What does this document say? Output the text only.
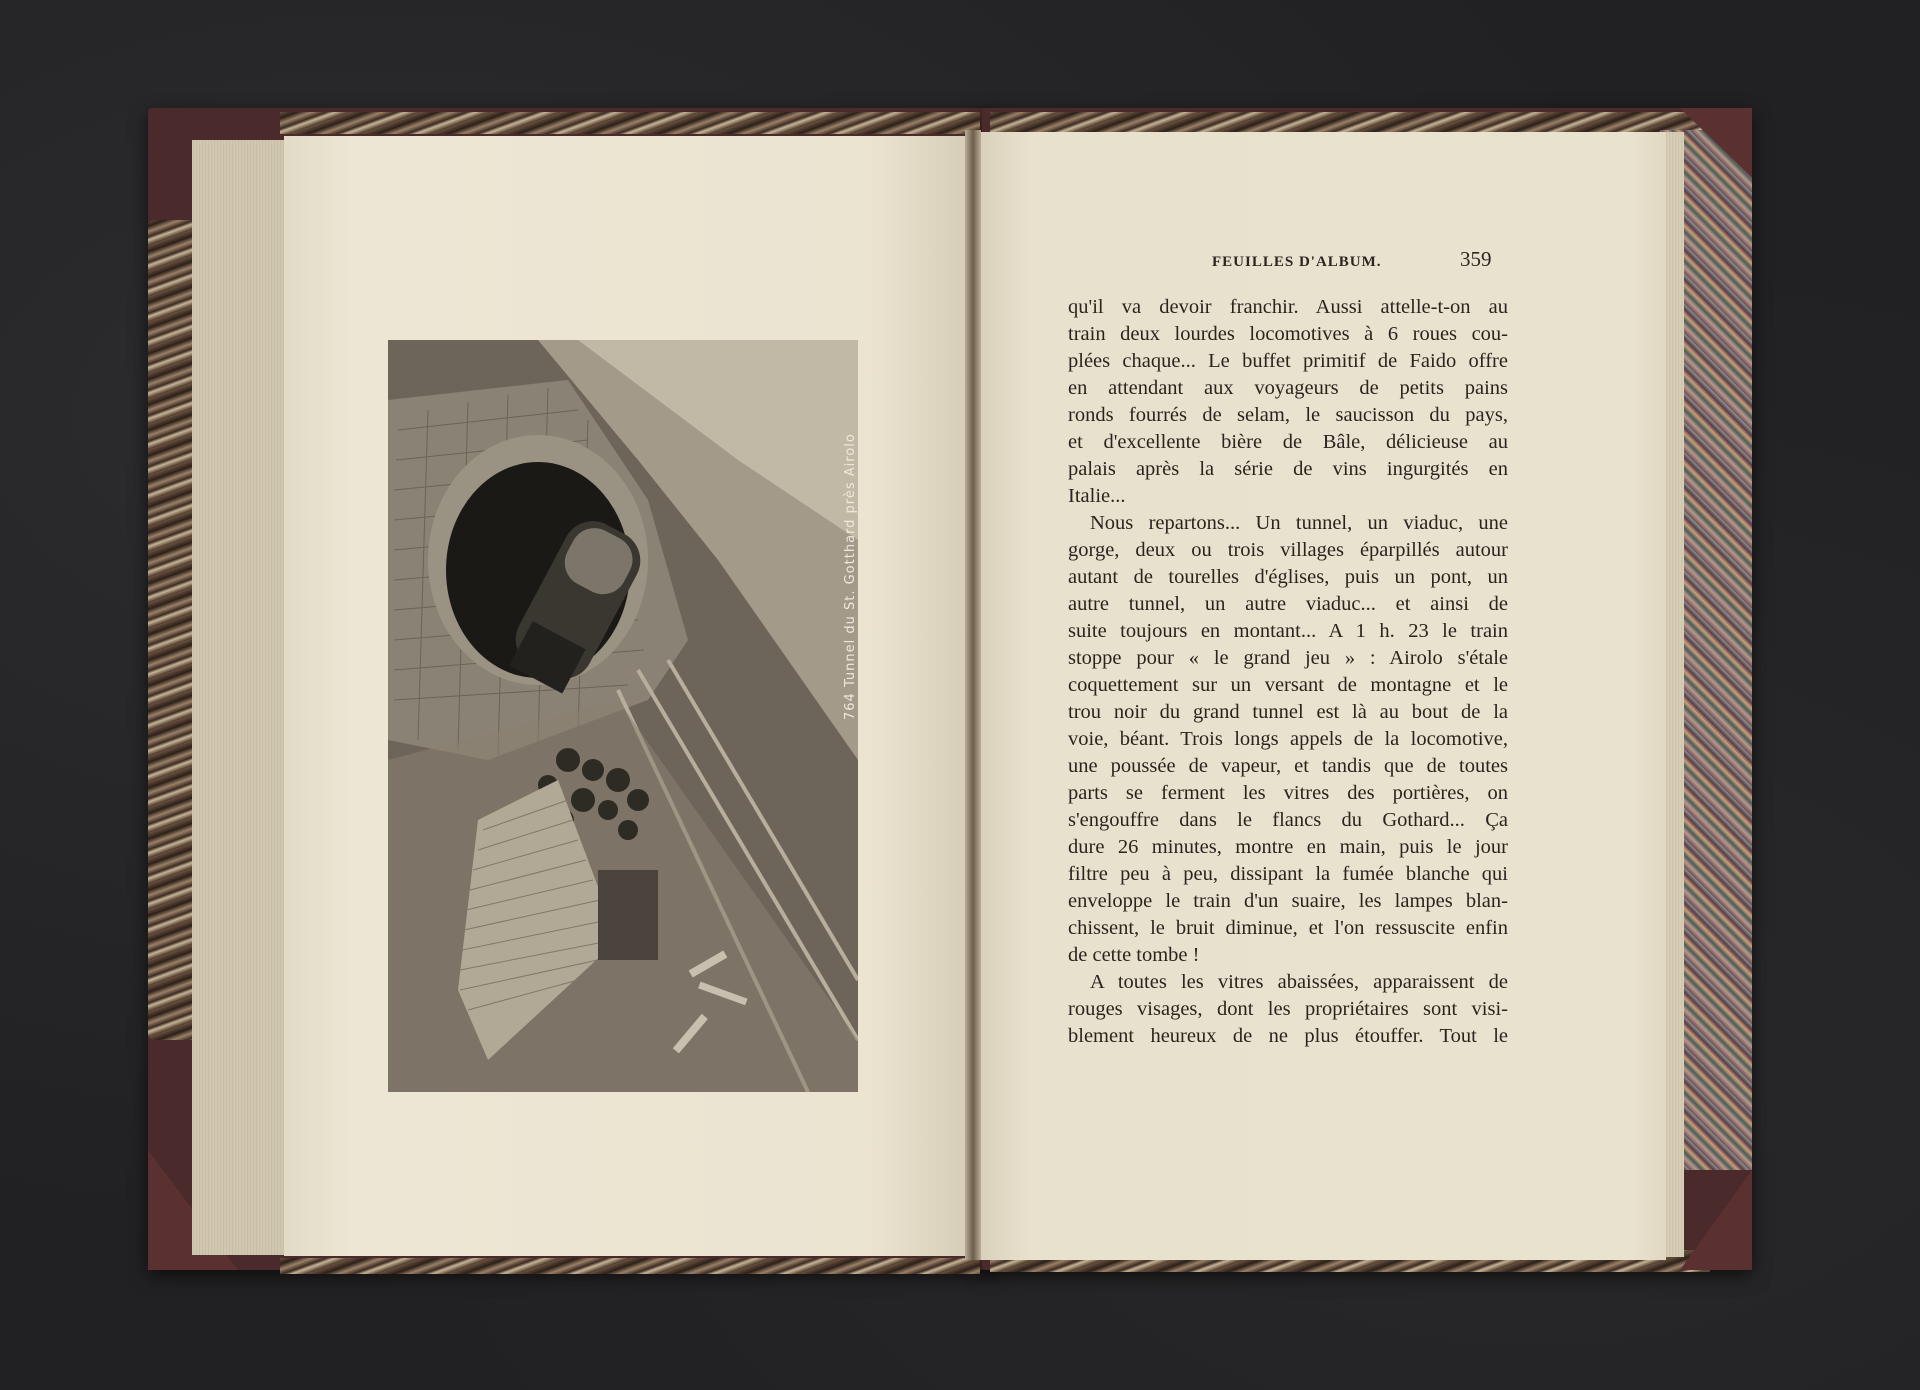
764 Tunnel du St. Gotthard près Airolo
FEUILLES D'ALBUM.	359
qu'il va devoir franchir. Aussi attelle-t-on au
train deux lourdes locomotives à 6 roues cou-
plées chaque... Le buffet primitif de Faido offre
en attendant aux voyageurs de petits pains
ronds fourrés de selam, le saucisson du pays,
et d'excellente bière de Bâle, délicieuse au
palais après la série de vins ingurgités en
Italie...
Nous repartons... Un tunnel, un viaduc, une
gorge, deux ou trois villages éparpillés autour
autant de tourelles d'églises, puis un pont, un
autre tunnel, un autre viaduc... et ainsi de
suite toujours en montant... A 1 h. 23 le train
stoppe pour « le grand jeu » : Airolo s'étale
coquettement sur un versant de montagne et le
trou noir du grand tunnel est là au bout de la
voie, béant. Trois longs appels de la locomotive,
une poussée de vapeur, et tandis que de toutes
parts se ferment les vitres des portières, on
s'engouffre dans le flancs du Gothard... Ça
dure 26 minutes, montre en main, puis le jour
filtre peu à peu, dissipant la fumée blanche qui
enveloppe le train d'un suaire, les lampes blan-
chissent, le bruit diminue, et l'on ressuscite enfin
de cette tombe !
A toutes les vitres abaissées, apparaissent de
rouges visages, dont les propriétaires sont visi-
blement heureux de ne plus étouffer. Tout le
